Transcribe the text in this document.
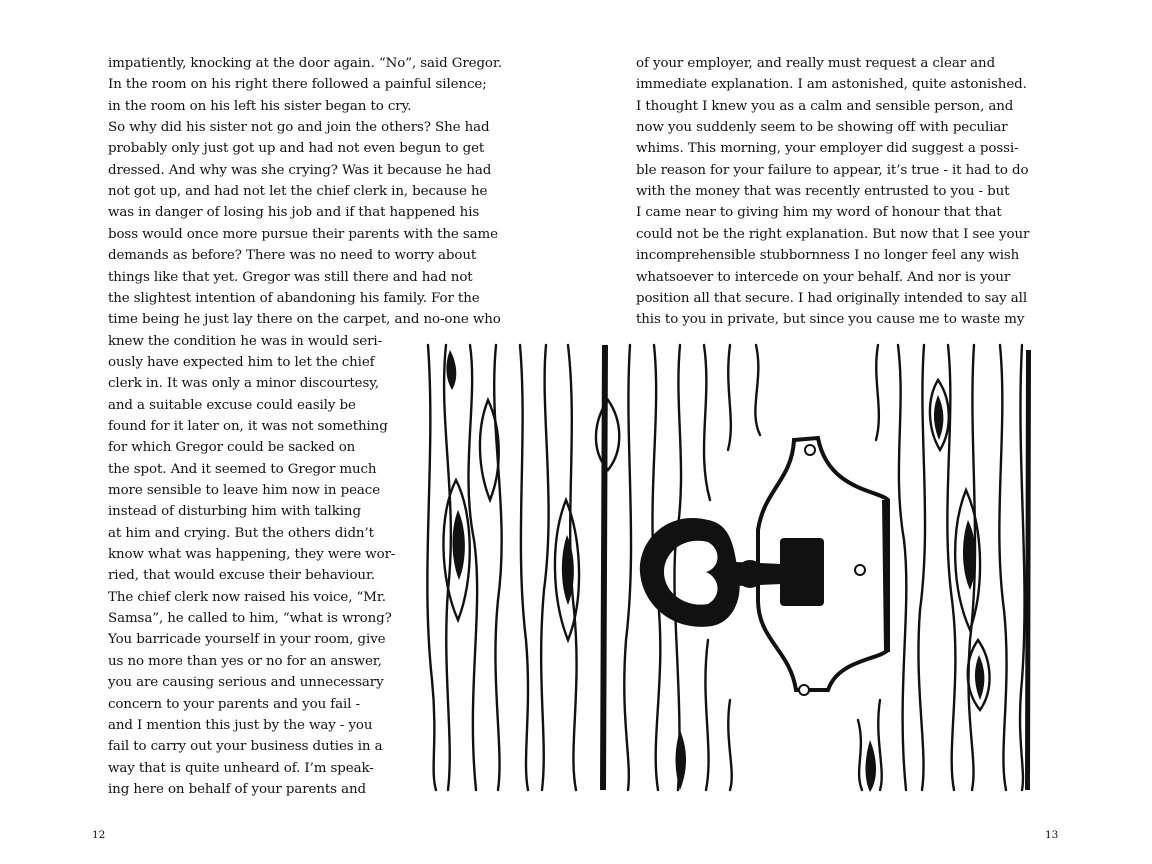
impatiently, knocking at the door again. “No”, said Gregor.
In the room on his right there followed a painful silence;
in the room on his left his sister began to cry.
So why did his sister not go and join the others? She had
probably only just got up and had not even begun to get
dressed. And why was she crying? Was it because he had
not got up, and had not let the chief clerk in, because he
was in danger of losing his job and if that happened his
boss would once more pursue their parents with the same
demands as before? There was no need to worry about
things like that yet. Gregor was still there and had not
the slightest intention of abandoning his family. For the
time being he just lay there on the carpet, and no-one who
knew the condition he was in would seri-
ously have expected him to let the chief
clerk in. It was only a minor discourtesy,
and a suitable excuse could easily be
found for it later on, it was not something
for which Gregor could be sacked on
the spot. And it seemed to Gregor much
more sensible to leave him now in peace
instead of disturbing him with talking
at him and crying. But the others didn’t
know what was happening, they were wor-
ried, that would excuse their behaviour.
The chief clerk now raised his voice, “Mr.
Samsa”, he called to him, “what is wrong?
You barricade yourself in your room, give
us no more than yes or no for an answer,
you are causing serious and unnecessary
concern to your parents and you fail -
and I mention this just by the way - you
fail to carry out your business duties in a
way that is quite unheard of. I’m speak-
ing here on behalf of your parents and
of your employer, and really must request a clear and
immediate explanation. I am astonished, quite astonished.
I thought I knew you as a calm and sensible person, and
now you suddenly seem to be showing off with peculiar
whims. This morning, your employer did suggest a possi-
ble reason for your failure to appear, it’s true - it had to do
with the money that was recently entrusted to you - but
I came near to giving him my word of honour that that
could not be the right explanation. But now that I see your
incomprehensible stubbornness I no longer feel any wish
whatsoever to intercede on your behalf. And nor is your
position all that secure. I had originally intended to say all
this to you in private, but since you cause me to waste my
12	13
